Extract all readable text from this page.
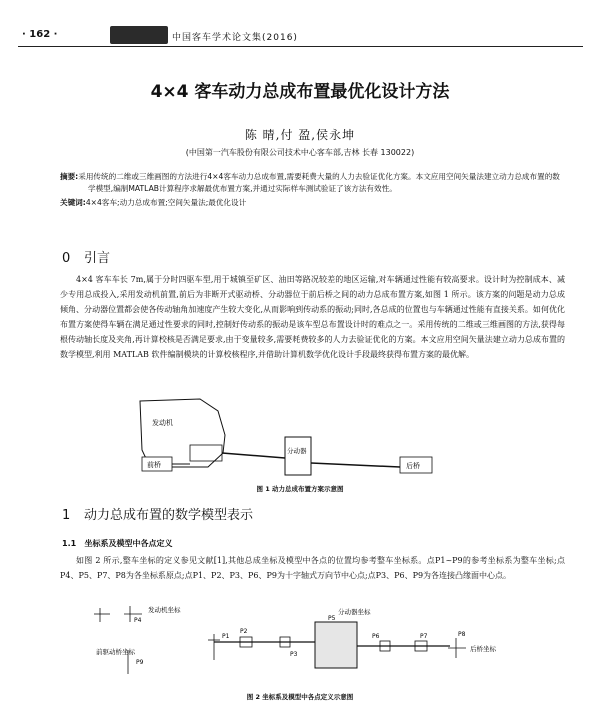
· 162 ·	中国客车学术论文集(2016)
4×4 客车动力总成布置最优化设计方法
陈 晴,付 盈,侯永坤
(中国第一汽车股份有限公司技术中心客车部,吉林 长春 130022)
摘要:采用传统的二维或三维画图的方法进行4×4客车动力总成布置,需要耗费大量的人力去验证优化方案。本文应用空间矢量法建立动力总成布置的数学模型,编制MATLAB计算程序求解最优布置方案,并通过实际样车测试验证了该方法有效性。
关键词:4×4客车;动力总成布置;空间矢量法;最优化设计
0 引言
4×4 客车车长 7m,属于分时四驱车型,用于城镇至矿区、油田等路况较差的地区运输,对车辆通过性能有较高要求。设计时为控制成本、减少专用总成投入,采用发动机前置,前后为非断开式驱动桥、分动器位于前后桥之间的动力总成布置方案,如图 1 所示。该方案的问题是动力总成倾角、分动器位置都会使各传动轴角加速度产生较大变化,从而影响到传动系的振动;同时,各总成的位置也与车辆通过性能有直接关系。如何优化布置方案使得车辆在满足通过性要求的同时,控制好传动系的振动是该车型总布置设计时的难点之一。采用传统的二维或三维画图的方法,获得每根传动轴长度及夹角,再计算校核是否满足要求,由于变量较多,需要耗费较多的人力去验证优化的方案。本文应用空间矢量法建立动力总成布置的数学模型,利用 MATLAB 软件编制模块的计算校核程序,并借助计算机数学优化设计手段最终获得布置方案的最优解。
发动机
前桥
分动器
后桥
图 1 动力总成布置方案示意图
1 动力总成布置的数学模型表示
1.1 坐标系及模型中各点定义
如图 2 所示,整车坐标的定义参见文献[1],其他总成坐标及模型中各点的位置均参考整车坐标系。点P1~P9的参考坐标系为整车坐标;点P4、P5、P7、P8为各坐标系原点;点P1、P2、P3、P6、P9为十字轴式万向节中心点;点P3、P6、P9为各连接凸缘面中心点。
发动机坐标
P4
P1
前驱动桥坐标
P9
P2
P3
P5
分动器坐标
P6	P7	P8
后桥坐标
图 2 坐标系及模型中各点定义示意图
